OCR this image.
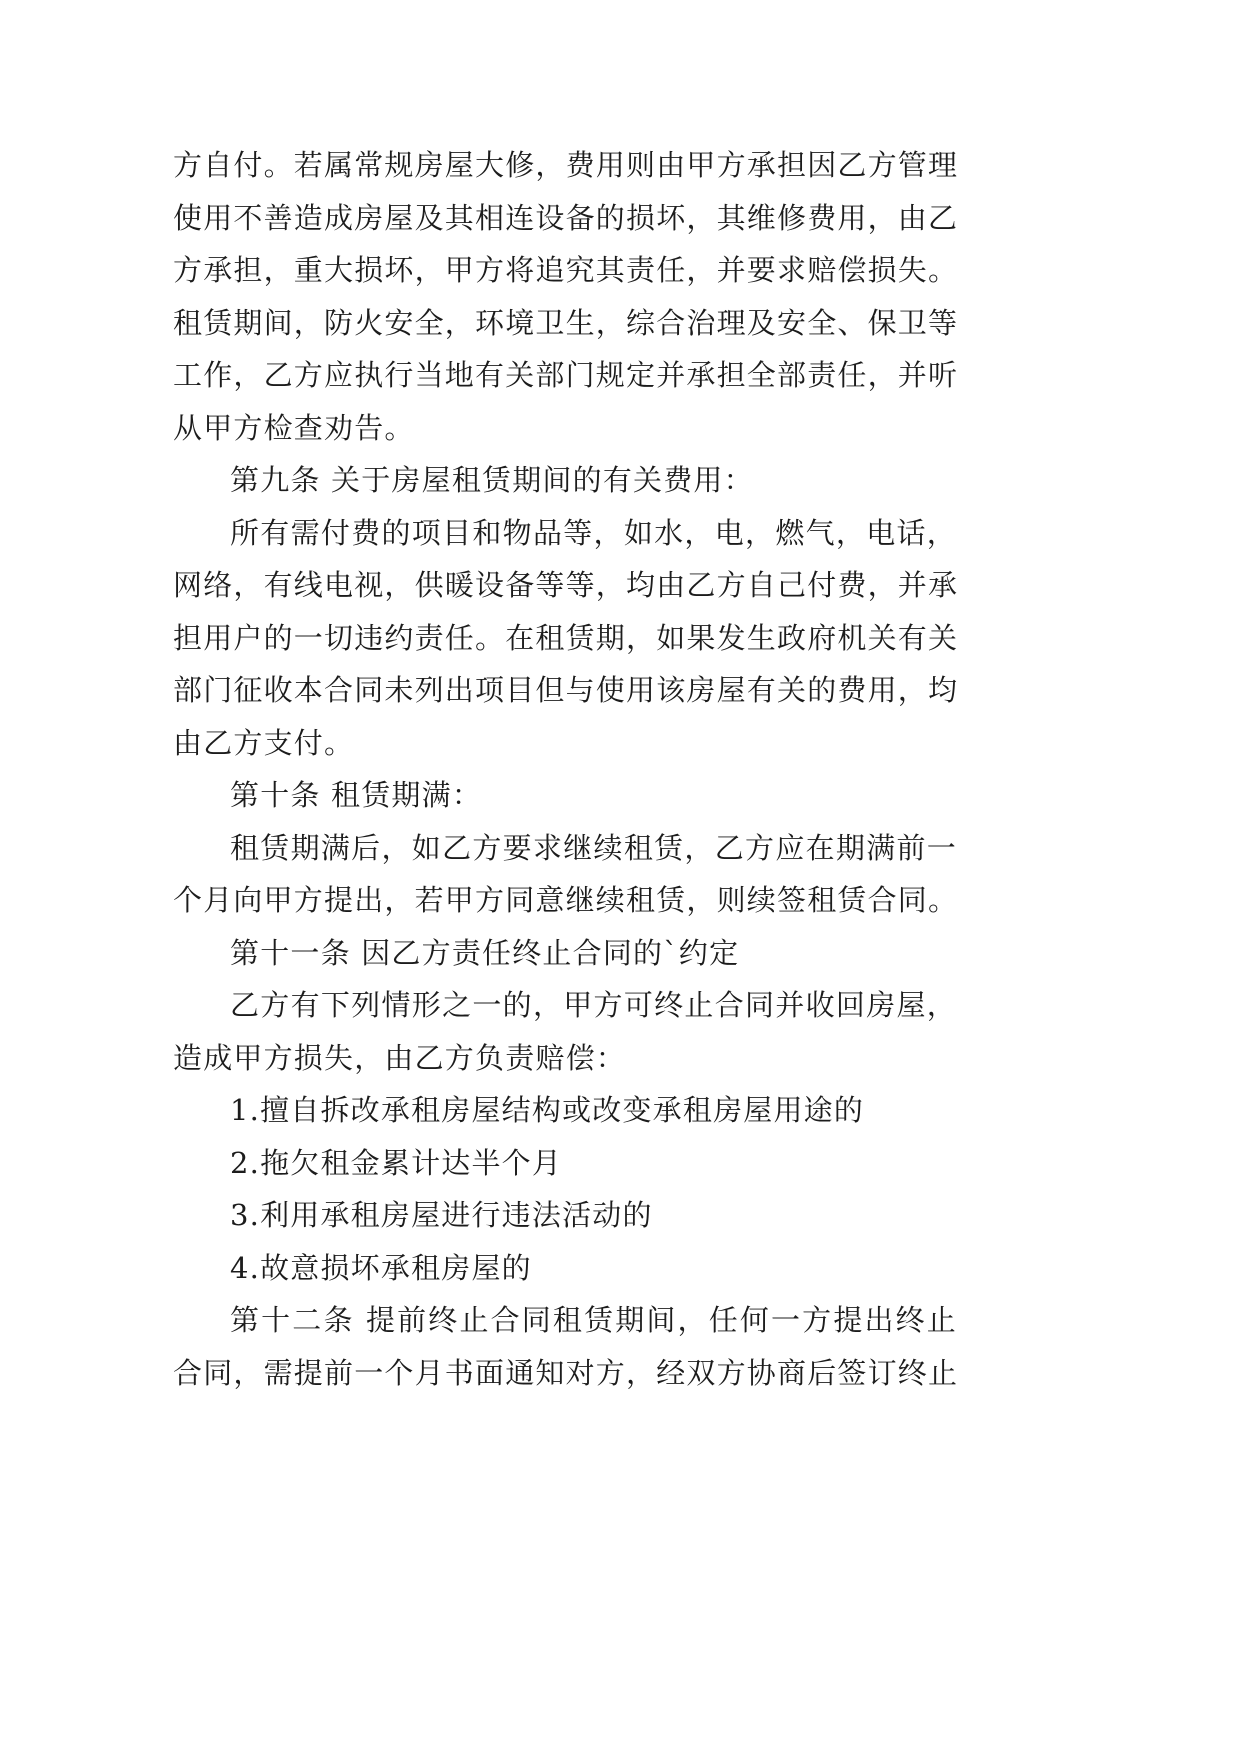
方自付。若属常规房屋大修，费用则由甲方承担因乙方管理
使用不善造成房屋及其相连设备的损坏，其维修费用，由乙
方承担，重大损坏，甲方将追究其责任，并要求赔偿损失。
租赁期间，防火安全，环境卫生，综合治理及安全、保卫等
工作，乙方应执行当地有关部门规定并承担全部责任，并听
从甲方检查劝告。
第九条 关于房屋租赁期间的有关费用：
所有需付费的项目和物品等，如水，电，燃气，电话，
网络，有线电视，供暖设备等等，均由乙方自己付费，并承
担用户的一切违约责任。在租赁期，如果发生政府机关有关
部门征收本合同未列出项目但与使用该房屋有关的费用，均
由乙方支付。
第十条 租赁期满：
租赁期满后，如乙方要求继续租赁，乙方应在期满前一
个月向甲方提出，若甲方同意继续租赁，则续签租赁合同。
第十一条 因乙方责任终止合同的`约定
乙方有下列情形之一的，甲方可终止合同并收回房屋，
造成甲方损失，由乙方负责赔偿：
1.擅自拆改承租房屋结构或改变承租房屋用途的
2.拖欠租金累计达半个月
3.利用承租房屋进行违法活动的
4.故意损坏承租房屋的
第十二条 提前终止合同租赁期间，任何一方提出终止
合同，需提前一个月书面通知对方，经双方协商后签订终止
